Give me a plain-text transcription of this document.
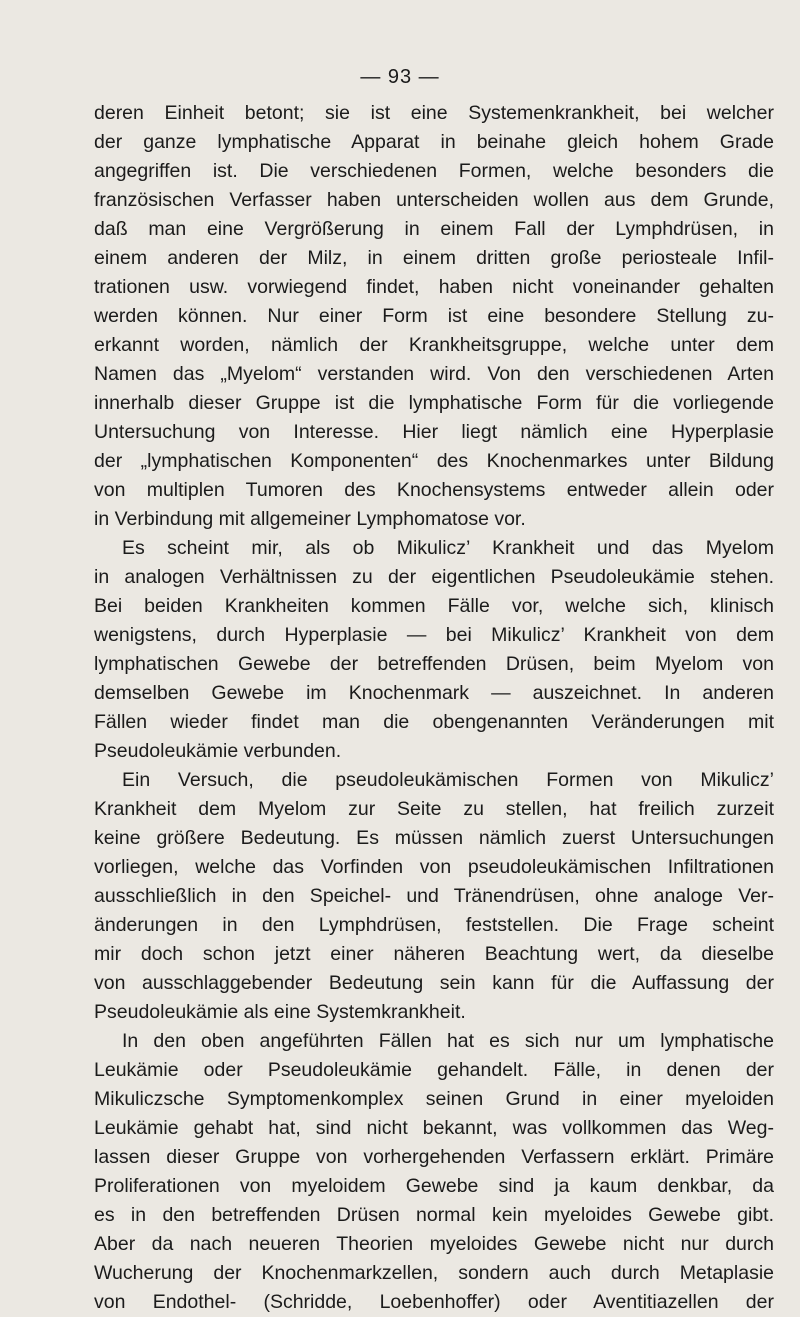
— 93 —
deren Einheit betont; sie ist eine Systemenkrankheit, bei welcher
der ganze lymphatische Apparat in beinahe gleich hohem Grade
angegriffen ist. Die verschiedenen Formen, welche besonders die
französischen Verfasser haben unterscheiden wollen aus dem Grunde,
daß man eine Vergrößerung in einem Fall der Lymphdrüsen, in
einem anderen der Milz, in einem dritten große periosteale Infil-
trationen usw. vorwiegend findet, haben nicht voneinander gehalten
werden können. Nur einer Form ist eine besondere Stellung zu-
erkannt worden, nämlich der Krankheitsgruppe, welche unter dem
Namen das „Myelom“ verstanden wird. Von den verschiedenen Arten
innerhalb dieser Gruppe ist die lymphatische Form für die vorliegende
Untersuchung von Interesse. Hier liegt nämlich eine Hyperplasie
der „lymphatischen Komponenten“ des Knochenmarkes unter Bildung
von multiplen Tumoren des Knochensystems entweder allein oder
in Verbindung mit allgemeiner Lymphomatose vor.
Es scheint mir, als ob Mikulicz’ Krankheit und das Myelom
in analogen Verhältnissen zu der eigentlichen Pseudoleukämie stehen.
Bei beiden Krankheiten kommen Fälle vor, welche sich, klinisch
wenigstens, durch Hyperplasie — bei Mikulicz’ Krankheit von dem
lymphatischen Gewebe der betreffenden Drüsen, beim Myelom von
demselben Gewebe im Knochenmark — auszeichnet. In anderen
Fällen wieder findet man die obengenannten Veränderungen mit
Pseudoleukämie verbunden.
Ein Versuch, die pseudoleukämischen Formen von Mikulicz’
Krankheit dem Myelom zur Seite zu stellen, hat freilich zurzeit
keine größere Bedeutung. Es müssen nämlich zuerst Untersuchungen
vorliegen, welche das Vorfinden von pseudoleukämischen Infiltrationen
ausschließlich in den Speichel- und Tränendrüsen, ohne analoge Ver-
änderungen in den Lymphdrüsen, feststellen. Die Frage scheint
mir doch schon jetzt einer näheren Beachtung wert, da dieselbe
von ausschlaggebender Bedeutung sein kann für die Auffassung der
Pseudoleukämie als eine Systemkrankheit.
In den oben angeführten Fällen hat es sich nur um lymphatische
Leukämie oder Pseudoleukämie gehandelt. Fälle, in denen der
Mikuliczsche Symptomenkomplex seinen Grund in einer myeloiden
Leukämie gehabt hat, sind nicht bekannt, was vollkommen das Weg-
lassen dieser Gruppe von vorhergehenden Verfassern erklärt. Primäre
Proliferationen von myeloidem Gewebe sind ja kaum denkbar, da
es in den betreffenden Drüsen normal kein myeloides Gewebe gibt.
Aber da nach neueren Theorien myeloides Gewebe nicht nur durch
Wucherung der Knochenmarkzellen, sondern auch durch Metaplasie
von Endothel- (Schridde, Loebenhoffer) oder Aventitiazellen der
